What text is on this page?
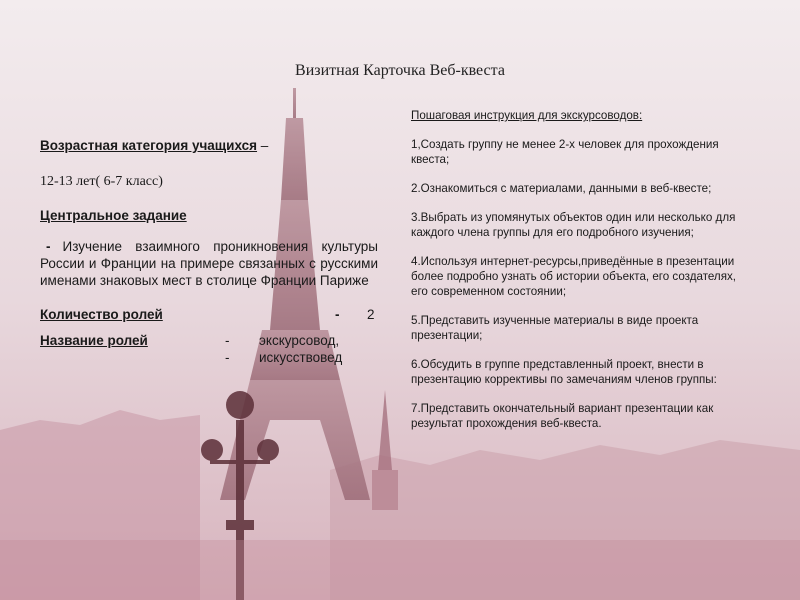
Визитная Карточка Веб-квеста

Возрастная категория учащихся –

12-13 лет( 6-7 класс)

Центральное задание

- Изучение взаимного проникновения культуры России и Франции на примере связанных с русскими именами знаковых мест в столице Франции Париже

Количество ролей	-	2

Название ролей	- экскурсовод,
- искусствовед

Пошаговая инструкция для экскурсоводов:

1,Создать группу не менее 2-х человек для прохождения квеста;

2.Ознакомиться с материалами, данными в веб-квесте;

3.Выбрать из упомянутых объектов один или несколько для каждого члена группы для его подробного изучения;

4.Используя интернет-ресурсы,приведённые в презентации более подробно узнать об истории объекта, его создателях, его современном состоянии;

5.Представить изученные материалы в виде проекта презентации;

6.Обсудить в группе представленный проект, внести в презентацию коррективы по замечаниям членов группы:

7.Представить окончательный вариант презентации как результат прохождения веб-квеста.
